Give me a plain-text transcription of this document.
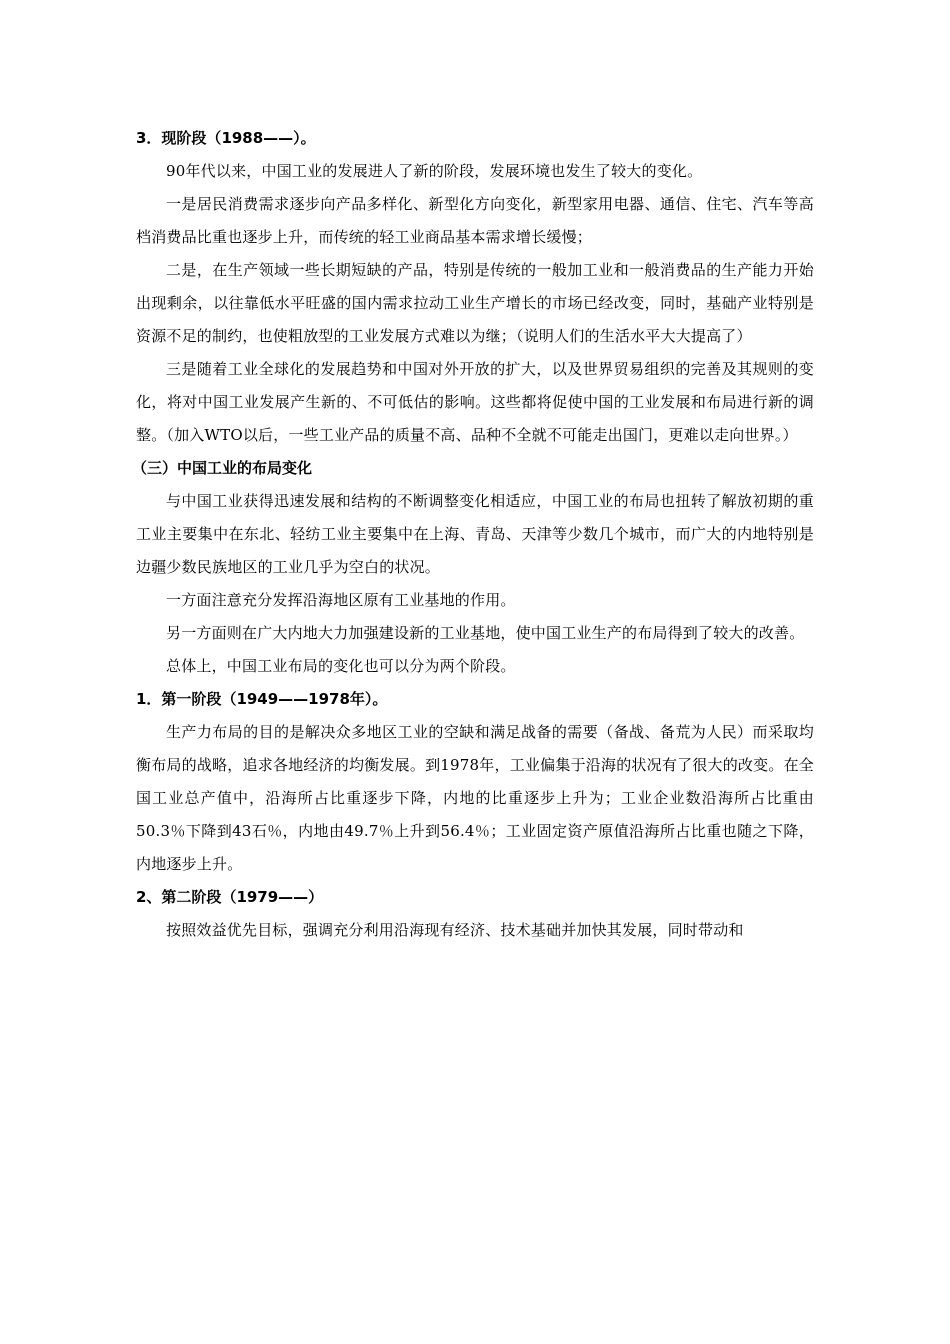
3．现阶段（1988——）。

90年代以来，中国工业的发展进人了新的阶段，发展环境也发生了较大的变化。

一是居民消费需求逐步向产品多样化、新型化方向变化，新型家用电器、通信、住宅、汽车等高档消费品比重也逐步上升，而传统的轻工业商品基本需求增长缓慢；

二是，在生产领域一些长期短缺的产品，特别是传统的一般加工业和一般消费品的生产能力开始出现剩余，以往靠低水平旺盛的国内需求拉动工业生产增长的市场已经改变，同时，基础产业特别是资源不足的制约，也使粗放型的工业发展方式难以为继；（说明人们的生活水平大大提高了）

三是随着工业全球化的发展趋势和中国对外开放的扩大，以及世界贸易组织的完善及其规则的变化，将对中国工业发展产生新的、不可低估的影响。这些都将促使中国的工业发展和布局进行新的调整。（加入WTO以后，一些工业产品的质量不高、品种不全就不可能走出国门，更难以走向世界。）

（三）中国工业的布局变化

与中国工业获得迅速发展和结构的不断调整变化相适应，中国工业的布局也扭转了解放初期的重工业主要集中在东北、轻纺工业主要集中在上海、青岛、天津等少数几个城市，而广大的内地特别是边疆少数民族地区的工业几乎为空白的状况。

一方面注意充分发挥沿海地区原有工业基地的作用。

另一方面则在广大内地大力加强建设新的工业基地，使中国工业生产的布局得到了较大的改善。

总体上，中国工业布局的变化也可以分为两个阶段。

1．第一阶段（1949——1978年）。

生产力布局的目的是解决众多地区工业的空缺和满足战备的需要（备战、备荒为人民）而采取均衡布局的战略，追求各地经济的均衡发展。到1978年，工业偏集于沿海的状况有了很大的改变。在全国工业总产值中，沿海所占比重逐步下降，内地的比重逐步上升为；工业企业数沿海所占比重由50.3％下降到43石％，内地由49.7％上升到56.4％；工业固定资产原值沿海所占比重也随之下降，内地逐步上升。

2、第二阶段（1979——）

按照效益优先目标，强调充分利用沿海现有经济、技术基础并加快其发展，同时带动和
